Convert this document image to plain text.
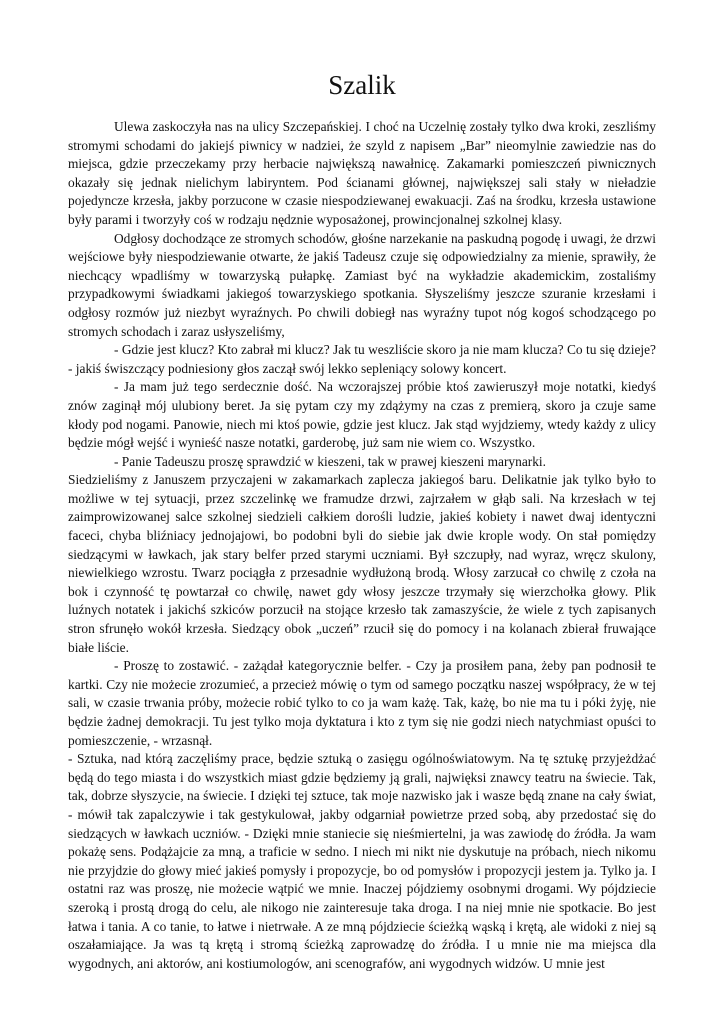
Szalik

Ulewa zaskoczyła nas na ulicy Szczepańskiej. I choć na Uczelnię zostały tylko dwa kroki, zeszliśmy stromymi schodami do jakiejś piwnicy w nadziei, że szyld z napisem „Bar” nieomylnie zawiedzie nas do miejsca, gdzie przeczekamy przy herbacie największą nawałnicę. Zakamarki pomieszczeń piwnicznych okazały się jednak nielichym labiryntem. Pod ścianami głównej, największej sali stały w nieładzie pojedyncze krzesła, jakby porzucone w czasie niespodziewanej ewakuacji. Zaś na środku, krzesła ustawione były parami i tworzyły coś w rodzaju nędznie wyposażonej, prowincjonalnej szkolnej klasy.

Odgłosy dochodzące ze stromych schodów, głośne narzekanie na paskudną pogodę i uwagi, że drzwi wejściowe były niespodziewanie otwarte, że jakiś Tadeusz czuje się odpowiedzialny za mienie, sprawiły, że niechcący wpadliśmy w towarzyską pułapkę. Zamiast być na wykładzie akademickim, zostaliśmy przypadkowymi świadkami jakiegoś towarzyskiego spotkania. Słyszeliśmy jeszcze szuranie krzesłami i odgłosy rozmów już niezbyt wyraźnych. Po chwili dobiegł nas wyraźny tupot nóg kogoś schodzącego po stromych schodach i zaraz usłyszeliśmy,

- Gdzie jest klucz? Kto zabrał mi klucz? Jak tu weszliście skoro ja nie mam klucza? Co tu się dzieje? - jakiś świszczący podniesiony głos zaczął swój lekko sepleniący solowy koncert.

- Ja mam już tego serdecznie dość. Na wczorajszej próbie ktoś zawieruszył moje notatki, kiedyś znów zaginął mój ulubiony beret. Ja się pytam czy my zdążymy na czas z premierą, skoro ja czuje same kłody pod nogami. Panowie, niech mi ktoś powie, gdzie jest klucz. Jak stąd wyjdziemy, wtedy każdy z ulicy będzie mógł wejść i wynieść nasze notatki, garderobę, już sam nie wiem co. Wszystko.

- Panie Tadeuszu proszę sprawdzić w kieszeni, tak w prawej kieszeni marynarki.

Siedzieliśmy z Januszem przyczajeni w zakamarkach zaplecza jakiegoś baru. Delikatnie jak tylko było to możliwe w tej sytuacji, przez szczelinkę we framudze drzwi, zajrzałem w głąb sali. Na krzesłach w tej zaimprowizowanej salce szkolnej siedzieli całkiem dorośli ludzie, jakieś kobiety i nawet dwaj identyczni faceci, chyba bliźniacy jednojajowi, bo podobni byli do siebie jak dwie krople wody. On stał pomiędzy siedzącymi w ławkach, jak stary belfer przed starymi uczniami. Był szczupły, nad wyraz, wręcz skulony, niewielkiego wzrostu. Twarz pociągła z przesadnie wydłużoną brodą. Włosy zarzucał co chwilę z czoła na bok i czynność tę powtarzał co chwilę, nawet gdy włosy jeszcze trzymały się wierzchołka głowy. Plik luźnych notatek i jakichś szkiców porzucił na stojące krzesło tak zamaszyście, że wiele z tych zapisanych stron sfrunęło wokół krzesła. Siedzący obok „uczeń” rzucił się do pomocy i na kolanach zbierał fruwające białe liście.

- Proszę to zostawić. - zażądał kategorycznie belfer. - Czy ja prosiłem pana, żeby pan podnosił te kartki. Czy nie możecie zrozumieć, a przecież mówię o tym od samego początku naszej współpracy, że w tej sali, w czasie trwania próby, możecie robić tylko to co ja wam każę. Tak, każę, bo nie ma tu i póki żyję, nie będzie żadnej demokracji. Tu jest tylko moja dyktatura i kto z tym się nie godzi niech natychmiast opuści to pomieszczenie, - wrzasnął.

- Sztuka, nad którą zaczęliśmy prace, będzie sztuką o zasięgu ogólnoświatowym. Na tę sztukę przyjeżdżać będą do tego miasta i do wszystkich miast gdzie będziemy ją grali, najwięksi znawcy teatru na świecie. Tak, tak, dobrze słyszycie, na świecie. I dzięki tej sztuce, tak moje nazwisko jak i wasze będą znane na cały świat, - mówił tak zapalczywie i tak gestykulował, jakby odgarniał powietrze przed sobą, aby przedostać się do siedzących w ławkach uczniów. - Dzięki mnie staniecie się nieśmiertelni, ja was zawiodę do źródła. Ja wam pokażę sens. Podążajcie za mną, a traficie w sedno. I niech mi nikt nie dyskutuje na próbach, niech nikomu nie przyjdzie do głowy mieć jakieś pomysły i propozycje, bo od pomysłów i propozycji jestem ja. Tylko ja. I ostatni raz was proszę, nie możecie wątpić we mnie. Inaczej pójdziemy osobnymi drogami. Wy pójdziecie szeroką i prostą drogą do celu, ale nikogo nie zainteresuje taka droga. I na niej mnie nie spotkacie. Bo jest łatwa i tania. A co tanie, to łatwe i nietrwałe. A ze mną pójdziecie ścieżką wąską i krętą, ale widoki z niej są oszałamiające. Ja was tą krętą i stromą ścieżką zaprowadzę do źródła. I u mnie nie ma miejsca dla wygodnych, ani aktorów, ani kostiumologów, ani scenografów, ani wygodnych widzów. U mnie jest
